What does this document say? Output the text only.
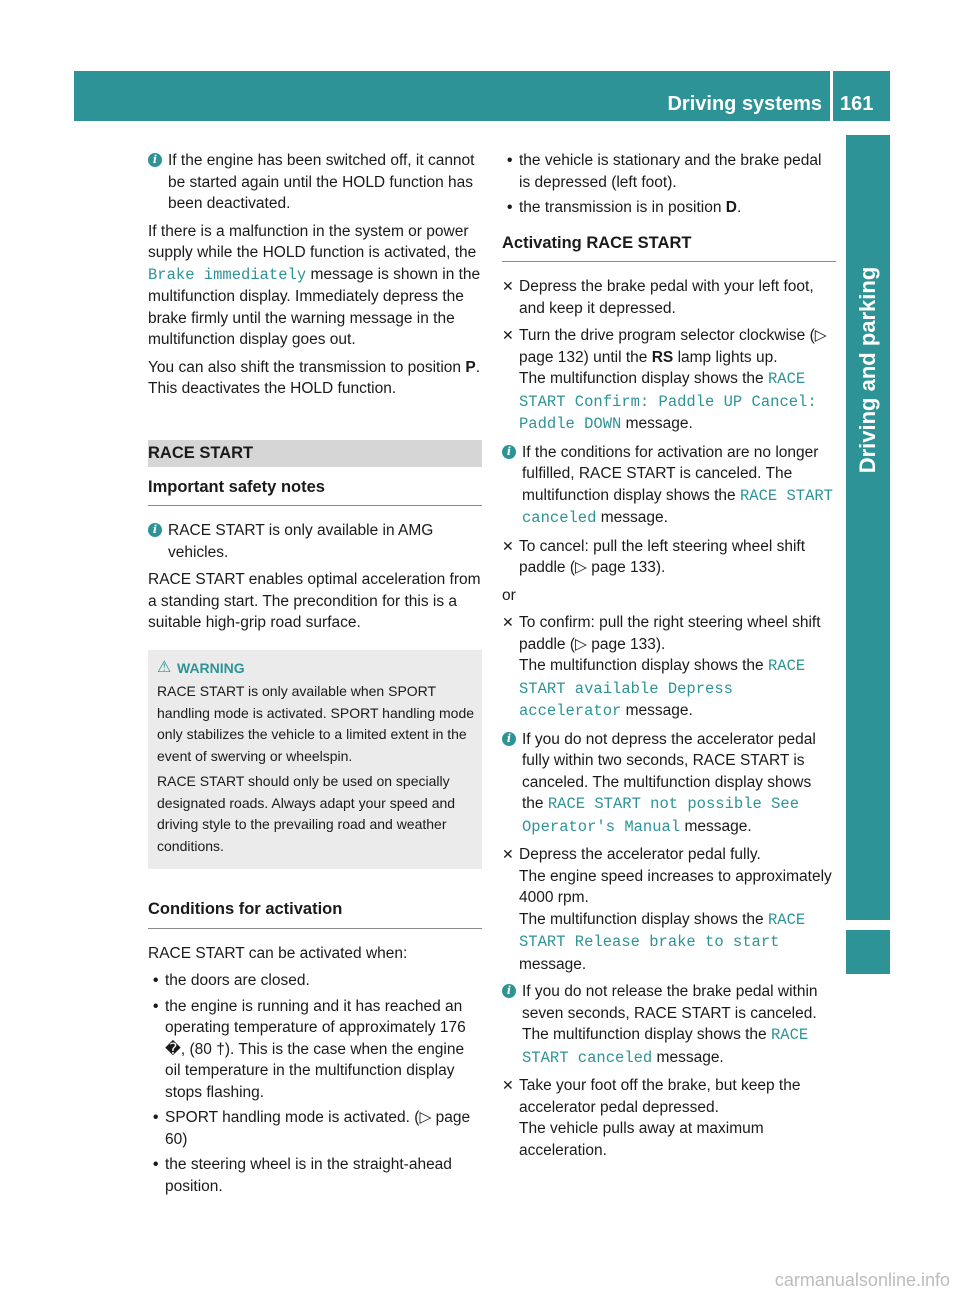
Driving systems 161
Driving and parking
i If the engine has been switched off, it cannot be started again until the HOLD function has been deactivated.

If there is a malfunction in the system or power supply while the HOLD function is activated, the Brake immediately message is shown in the multifunction display. Immediately depress the brake firmly until the warning message in the multifunction display goes out.

You can also shift the transmission to position P. This deactivates the HOLD function.

RACE START
Important safety notes
i RACE START is only available in AMG vehicles.

RACE START enables optimal acceleration from a standing start. The precondition for this is a suitable high-grip road surface.

⚠ WARNING

RACE START is only available when SPORT handling mode is activated. SPORT handling mode only stabilizes the vehicle to a limited extent in the event of swerving or wheelspin.

RACE START should only be used on specially designated roads. Always adapt your speed and driving style to the prevailing road and weather conditions.

Conditions for activation

RACE START can be activated when:

• the doors are closed.
• the engine is running and it has reached an operating temperature of approximately 176 �, (80 †). This is the case when the engine oil temperature in the multifunction display stops flashing.
• SPORT handling mode is activated. (▷ page 60)
• the steering wheel is in the straight-ahead position.
• the vehicle is stationary and the brake pedal is depressed (left foot).
• the transmission is in position D.
Activating RACE START
✕ Depress the brake pedal with your left foot, and keep it depressed.
✕ Turn the drive program selector clockwise (▷ page 132) until the RS lamp lights up.
The multifunction display shows the RACE START Confirm: Paddle UP Cancel: Paddle DOWN message.
i If the conditions for activation are no longer fulfilled, RACE START is canceled. The multifunction display shows the RACE START canceled message.
✕ To cancel: pull the left steering wheel shift paddle (▷ page 133).

or

✕ To confirm: pull the right steering wheel shift paddle (▷ page 133).
The multifunction display shows the RACE START available Depress accelerator message.
i If you do not depress the accelerator pedal fully within two seconds, RACE START is canceled. The multifunction display shows the RACE START not possible See Operator's Manual message.
✕ Depress the accelerator pedal fully.
The engine speed increases to approximately 4000 rpm.
The multifunction display shows the RACE START Release brake to start message.
i If you do not release the brake pedal within seven seconds, RACE START is canceled. The multifunction display shows the RACE START canceled message.
✕ Take your foot off the brake, but keep the accelerator pedal depressed.
The vehicle pulls away at maximum acceleration.
carmanualsonline.info
